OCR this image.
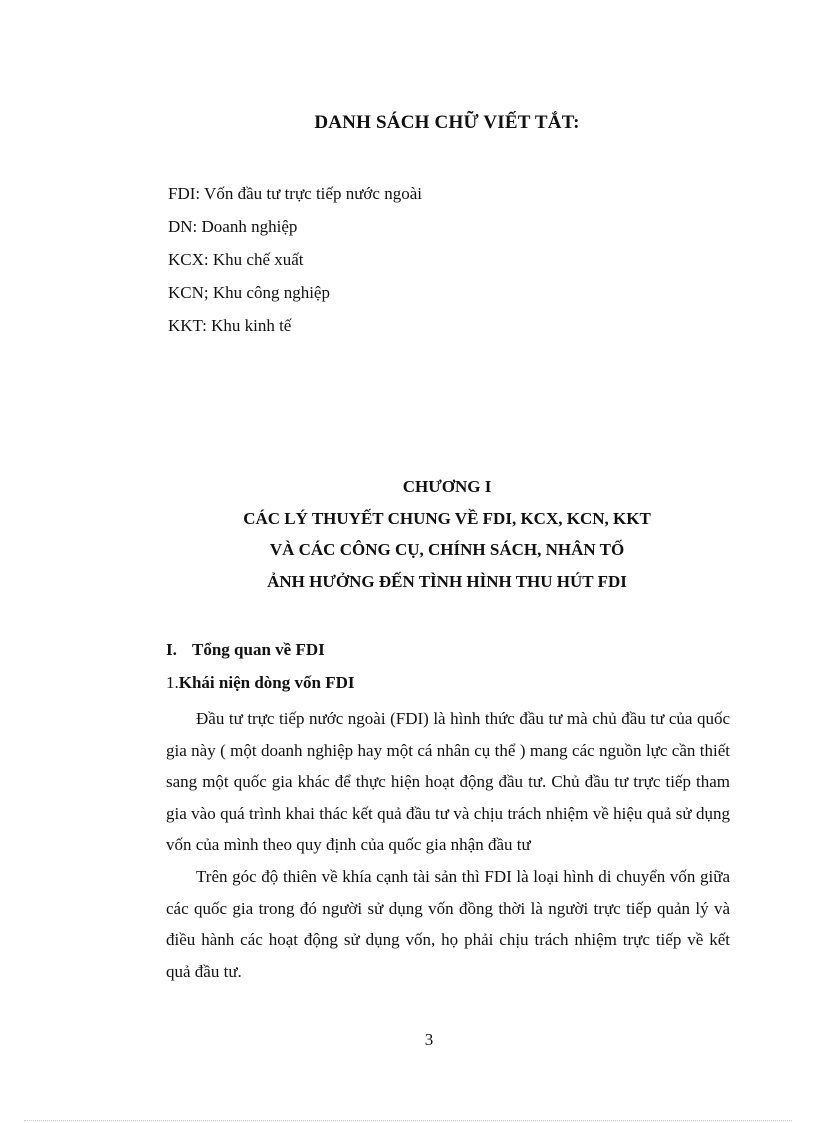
DANH SÁCH CHỮ VIẾT TẮT:
FDI: Vốn đầu tư trực tiếp nước ngoài
DN: Doanh nghiệp
KCX: Khu chế xuất
KCN; Khu công nghiệp
KKT: Khu kinh tế
CHƯƠNG I
CÁC LÝ THUYẾT CHUNG VỀ FDI, KCX, KCN, KKT
VÀ CÁC CÔNG CỤ, CHÍNH SÁCH, NHÂN TỐ
ẢNH HƯỞNG ĐẾN TÌNH HÌNH THU HÚT FDI
I. Tổng quan về FDI
1.Khái niện dòng vốn FDI

Đầu tư trực tiếp nước ngoài (FDI) là hình thức đầu tư mà chủ đầu tư của quốc gia này ( một doanh nghiệp hay một cá nhân cụ thể ) mang các nguồn lực cần thiết sang một quốc gia khác để thực hiện hoạt động đầu tư. Chủ đầu tư trực tiếp tham gia vào quá trình khai thác kết quả đầu tư và chịu trách nhiệm về hiệu quả sử dụng vốn của mình theo quy định của quốc gia nhận đầu tư

Trên góc độ thiên về khía cạnh tài sản thì FDI là loại hình di chuyển vốn giữa các quốc gia trong đó người sử dụng vốn đồng thời là người trực tiếp quản lý và điều hành các hoạt động sử dụng vốn, họ phải chịu trách nhiệm trực tiếp về kết quả đầu tư.

3
